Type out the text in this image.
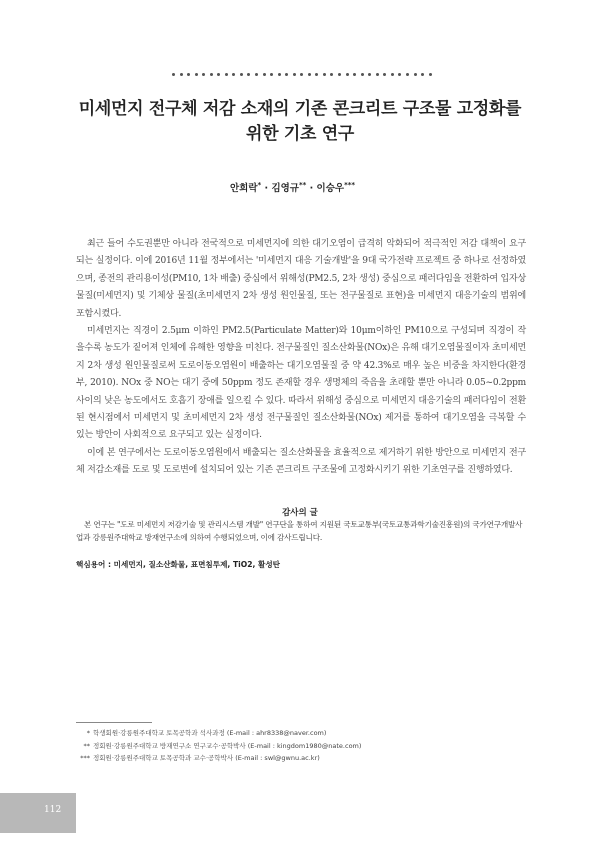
미세먼지 전구체 저감 소재의 기존 콘크리트 구조물 고정화를
위한 기초 연구
안희락* · 김영규** · 이승우***

최근 들어 수도권뿐만 아니라 전국적으로 미세먼지에 의한 대기오염이 급격히 악화되어 적극적인 저감 대책이 요구되는 실정이다. 이에 2016년 11월 정부에서는 '미세먼지 대응 기술개발'을 9대 국가전략 프로젝트 중 하나로 선정하였으며, 종전의 관리용이성(PM10, 1차 배출) 중심에서 위해성(PM2.5, 2차 생성) 중심으로 패러다임을 전환하여 입자상 물질(미세먼지) 및 기체상 물질(초미세먼지 2차 생성 원인물질, 또는 전구물질로 표현)을 미세먼지 대응기술의 범위에 포함시켰다.

미세먼지는 직경이 2.5μm 이하인 PM2.5(Particulate Matter)와 10μm이하인 PM10으로 구성되며 직경이 작을수록 농도가 짙어져 인체에 유해한 영향을 미친다. 전구물질인 질소산화물(NOx)은 유해 대기오염물질이자 초미세먼지 2차 생성 원인물질로써 도로이동오염원이 배출하는 대기오염물질 중 약 42.3%로 매우 높은 비중을 차지한다(환경부, 2010). NOx 중 NO는 대기 중에 50ppm 정도 존재할 경우 생명체의 죽음을 초래할 뿐만 아니라 0.05~0.2ppm 사이의 낮은 농도에서도 호흡기 장애를 일으킬 수 있다. 따라서 위해성 중심으로 미세먼지 대응기술의 패러다임이 전환된 현시점에서 미세먼지 및 초미세먼지 2차 생성 전구물질인 질소산화물(NOx) 제거를 통하여 대기오염을 극복할 수 있는 방안이 사회적으로 요구되고 있는 실정이다.

이에 본 연구에서는 도로이동오염원에서 배출되는 질소산화물을 효율적으로 제거하기 위한 방안으로 미세먼지 전구체 저감소재를 도로 및 도로변에 설치되어 있는 기존 콘크리트 구조물에 고정화시키기 위한 기초연구를 진행하였다.

감사의 글
본 연구는 "도로 미세먼지 저감기술 및 관리시스템 개발" 연구단을 통하여 지원된 국토교통부(국토교통과학기술진흥원)의 국가연구개발사업과 강릉원주대학교 방재연구소에 의하여 수행되었으며, 이에 감사드립니다.
핵심용어 : 미세먼지, 질소산화물, 표면침투제, TiO2, 활성탄
* 학생회원·강릉원주대학교 토목공학과 석사과정 (E-mail : ahr8338@naver.com)
** 정회원·강릉원주대학교 방재연구소 연구교수·공학박사 (E-mail : kingdom1980@nate.com)
*** 정회원·강릉원주대학교 토목공학과 교수·공학박사 (E-mail : swl@gwnu.ac.kr)
112
